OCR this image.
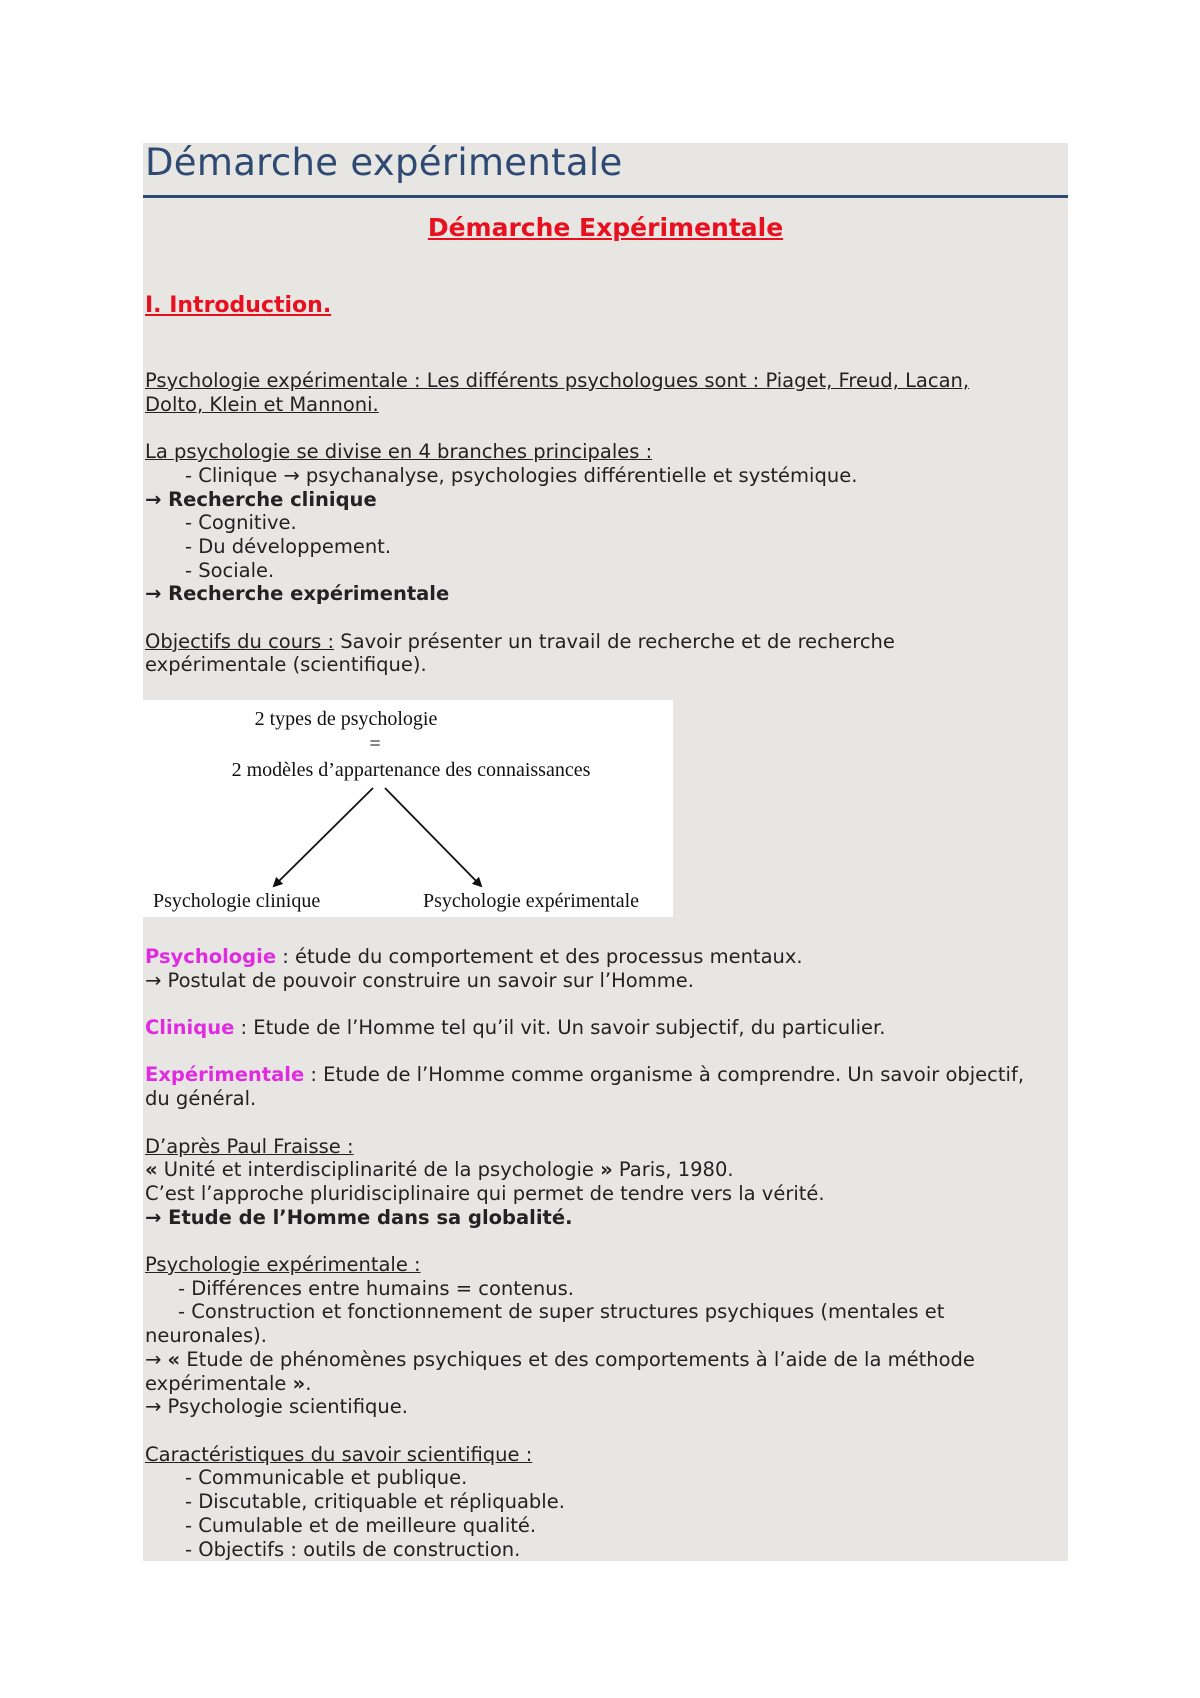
Démarche expérimentale
Démarche Expérimentale
I. Introduction.

Psychologie expérimentale : Les différents psychologues sont : Piaget, Freud, Lacan,

Dolto, Klein et Mannoni.

La psychologie se divise en 4 branches principales :

- Clinique → psychanalyse, psychologies différentielle et systémique.

→ Recherche clinique

- Cognitive.

- Du développement.

- Sociale.

→ Recherche expérimentale

Objectifs du cours : Savoir présenter un travail de recherche et de recherche

expérimentale (scientifique).

2 types de psychologie
=
2 modèles d’appartenance des connaissances
Psychologie clinique	Psychologie expérimentale

Psychologie : étude du comportement et des processus mentaux.

→ Postulat de pouvoir construire un savoir sur l’Homme.

Clinique : Etude de l’Homme tel qu’il vit. Un savoir subjectif, du particulier.

Expérimentale : Etude de l’Homme comme organisme à comprendre. Un savoir objectif,

du général.

D’après Paul Fraisse :

« Unité et interdisciplinarité de la psychologie » Paris, 1980.

C’est l’approche pluridisciplinaire qui permet de tendre vers la vérité.

→ Etude de l’Homme dans sa globalité.

Psychologie expérimentale :

- Différences entre humains = contenus.

- Construction et fonctionnement de super structures psychiques (mentales et

neuronales).

→ « Etude de phénomènes psychiques et des comportements à l’aide de la méthode

expérimentale ».

→ Psychologie scientifique.

Caractéristiques du savoir scientifique :

- Communicable et publique.

- Discutable, critiquable et répliquable.

- Cumulable et de meilleure qualité.

- Objectifs : outils de construction.
